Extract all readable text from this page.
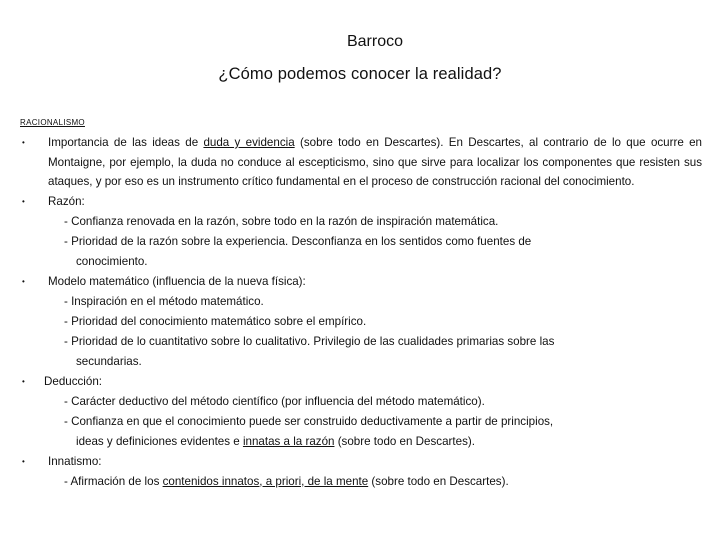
Barroco
¿Cómo podemos conocer la realidad?
RACIONALISMO
• Importancia de las ideas de duda y evidencia (sobre todo en Descartes). En Descartes, al contrario de lo que ocurre en Montaigne, por ejemplo, la duda no conduce al escepticismo, sino que sirve para localizar los componentes que resisten sus ataques, y por eso es un instrumento crítico fundamental en el proceso de construcción racional del conocimiento.
• Razón:
- Confianza renovada en la razón, sobre todo en la razón de inspiración matemática.
- Prioridad de la razón sobre la experiencia. Desconfianza en los sentidos como fuentes de
conocimiento.
• Modelo matemático (influencia de la nueva física):
- Inspiración en el método matemático.
- Prioridad del conocimiento matemático sobre el empírico.
- Prioridad de lo cuantitativo sobre lo cualitativo. Privilegio de las cualidades primarias sobre las
secundarias.
• Deducción:
- Carácter deductivo del método científico (por influencia del método matemático).
- Confianza en que el conocimiento puede ser construido deductivamente a partir de principios,
ideas y definiciones evidentes e innatas a la razón (sobre todo en Descartes).
• Innatismo:
- Afirmación de los contenidos innatos, a priori, de la mente (sobre todo en Descartes).
